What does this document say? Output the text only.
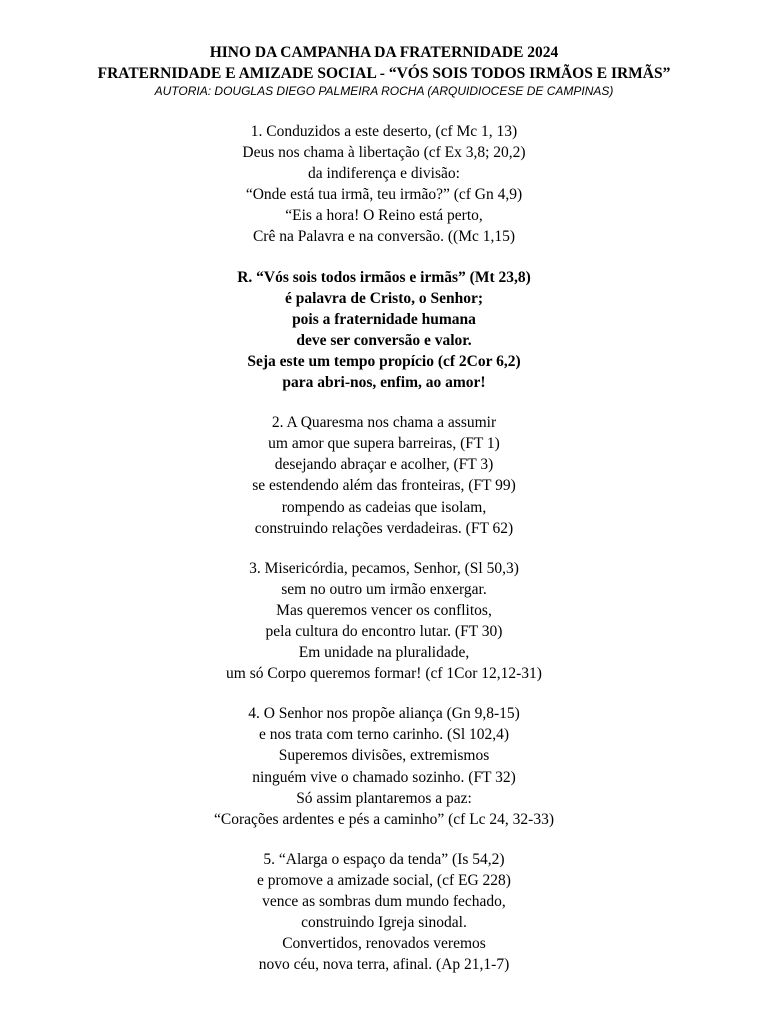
HINO DA CAMPANHA DA FRATERNIDADE 2024
FRATERNIDADE E AMIZADE SOCIAL - “VÓS SOIS TODOS IRMÃOS E IRMÃS”
AUTORIA: DOUGLAS DIEGO PALMEIRA ROCHA (ARQUIDIOCESE DE CAMPINAS)
1. Conduzidos a este deserto, (cf Mc 1, 13)
Deus nos chama à libertação (cf Ex 3,8; 20,2)
da indiferença e divisão:
“Onde está tua irmã, teu irmão?” (cf Gn 4,9)
“Eis a hora! O Reino está perto,
Crê na Palavra e na conversão. ((Mc 1,15)
R. “Vós sois todos irmãos e irmãs” (Mt 23,8)
é palavra de Cristo, o Senhor;
pois a fraternidade humana
deve ser conversão e valor.
Seja este um tempo propício (cf 2Cor 6,2)
para abri-nos, enfim, ao amor!
2. A Quaresma nos chama a assumir
um amor que supera barreiras, (FT 1)
desejando abraçar e acolher, (FT 3)
se estendendo além das fronteiras, (FT 99)
rompendo as cadeias que isolam,
construindo relações verdadeiras. (FT 62)
3. Misericórdia, pecamos, Senhor, (Sl 50,3)
sem no outro um irmão enxergar.
Mas queremos vencer os conflitos,
pela cultura do encontro lutar. (FT 30)
Em unidade na pluralidade,
um só Corpo queremos formar! (cf 1Cor 12,12-31)
4. O Senhor nos propõe aliança (Gn 9,8-15)
e nos trata com terno carinho. (Sl 102,4)
Superemos divisões, extremismos
ninguém vive o chamado sozinho. (FT 32)
Só assim plantaremos a paz:
“Corações ardentes e pés a caminho” (cf Lc 24, 32-33)
5. “Alarga o espaço da tenda” (Is 54,2)
e promove a amizade social, (cf EG 228)
vence as sombras dum mundo fechado,
construindo Igreja sinodal.
Convertidos, renovados veremos
novo céu, nova terra, afinal. (Ap 21,1-7)
